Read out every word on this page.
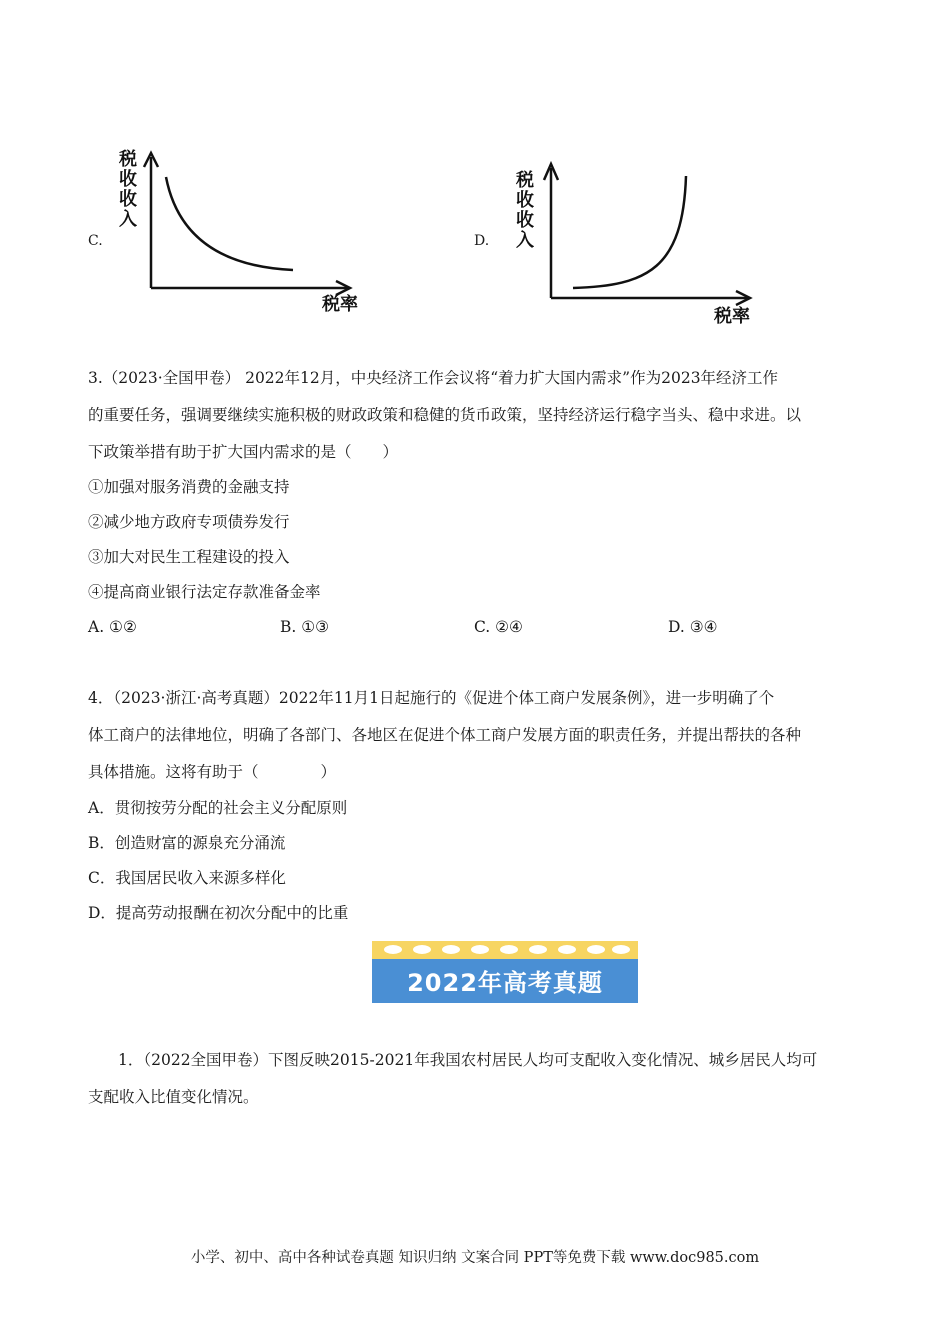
C.
税
收
收
入
税率
D.
税
收
收
入
税率
3.（2023·全国甲卷） 2022年12月，中央经济工作会议将“着力扩大国内需求”作为2023年经济工作
的重要任务，强调要继续实施积极的财政政策和稳健的货币政策，坚持经济运行稳字当头、稳中求进。以
下政策举措有助于扩大国内需求的是（　　）
①加强对服务消费的金融支持
②减少地方政府专项债券发行
③加大对民生工程建设的投入
④提高商业银行法定存款准备金率
A. ①②	B. ①③	C. ②④	D. ③④
4．（2023·浙江·高考真题）2022年11月1日起施行的《促进个体工商户发展条例》，进一步明确了个
体工商户的法律地位，明确了各部门、各地区在促进个体工商户发展方面的职责任务，并提出帮扶的各种
具体措施。这将有助于（　　　　）
A．贯彻按劳分配的社会主义分配原则
B．创造财富的源泉充分涌流
C．我国居民收入来源多样化
D．提高劳动报酬在初次分配中的比重
2022年高考真题
1．（2022全国甲卷）下图反映2015-2021年我国农村居民人均可支配收入变化情况、城乡居民人均可
支配收入比值变化情况。
小学、初中、高中各种试卷真题 知识归纳 文案合同 PPT等免费下载 www.doc985.com
